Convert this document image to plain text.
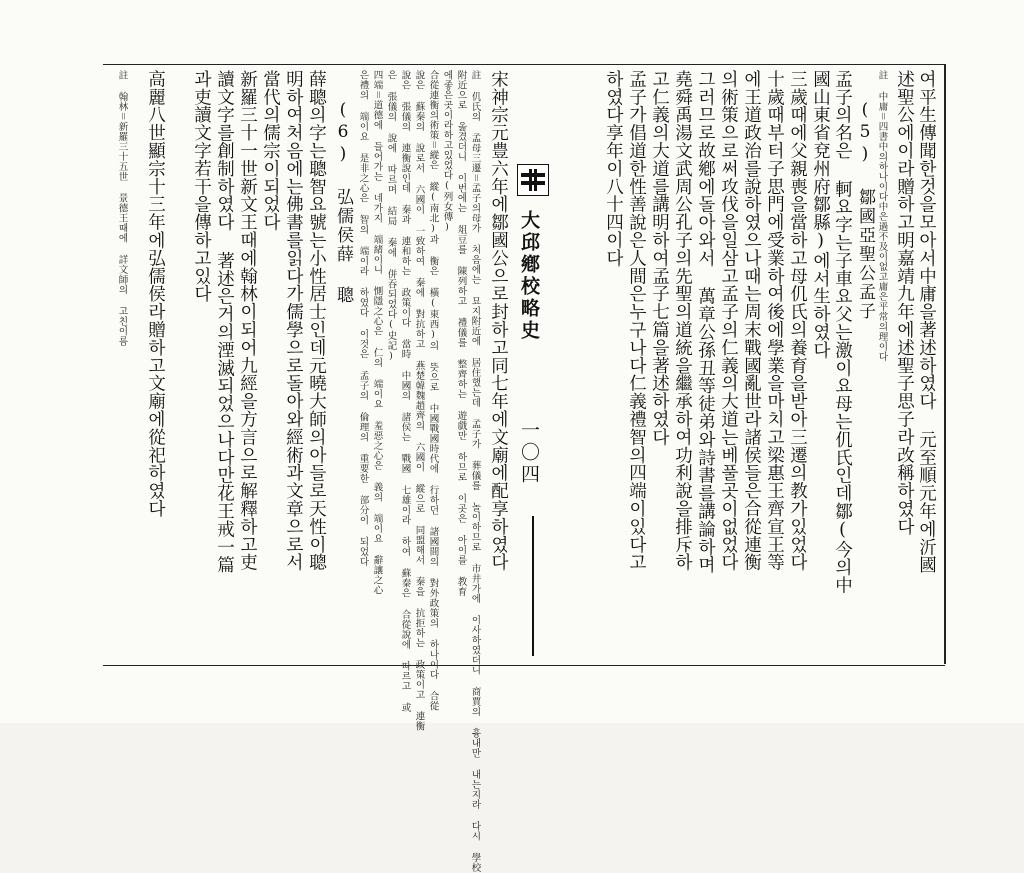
여平生傳聞한것을모아서中庸을著述하였다 元至順元年에沂國
述聖公에이라贈하고明嘉靖九年에述聖子思子라改稱하였다
註 中庸＝四書中의하나이다中은過不及이없고庸은平常의理이다
(5) 鄒國亞聖公孟子
孟子의名은 軻요字는子車요父는激이요母는仉氏인데鄒(今의中
國山東省兗州府鄒縣)에서生하였다
三歲때에父親喪을當하고母仉氏의養育을받아三遷의教가있었다
十歲때부터子思門에受業하여後에學業을마치고梁惠王齊宣王等
에王道政治를說하였으나때는周末戰國亂世라諸侯들은合從連衡
의術策으로써攻伐을일삼고孟子의仁義의大道는베풀곳이없었다
그러므로故鄕에돌아와서 萬章公孫丑等徒弟와詩書를講論하며
堯舜禹湯文武周公孔子의先聖의道統을繼承하여功利說을排斥하
고仁義의大道를講明하여孟子七篇을著述하였다
孟子가倡道한性善說은人間은누구나다仁義禮智의四端이있다고
하였다享年이八十四이다
大邱鄕校略史
一〇四
宋神宗元豊六年에鄒國公으로封하고同七年에文廟에配享하였다
註 仉氏의 孟母三遷＝孟子의母가 처음에는 묘지附近에 居住했는데 孟子가 葬儀를 놀이하므로 市井가에 이사하였더니 商賈의 흉내만 내는지라 다시 學校
附近으로 옮겼더니 이번에는 俎豆를 陳列하고 禮儀를 整齊하는 遊戲만 하므로 이곳은 아이를 教育
에좋은곳이라하고있었다(列女傳)
合從連衡의術策＝縱은 縱(南北)과 衡은 橫(東西)의 뜻으로 中國戰國時代에 行하던 諸國間의 對外政策의 하나이다 合從
說은 蘇秦의 說로서 六國이 一致하여 秦에 對抗하고 燕楚韓魏趙齊의 六國이 縱으로 同盟해서 秦을 抗拒하는 政策이고 連衡
說은 張儀의 連衡說인데 秦과 連和하는 政策이다 當時 中國의 諸侯는 戰國 七雄이라 하여 蘇秦은 合從說에 따르고 或
은 張儀의 說에 따르며 結局 秦에 併吞되었다(史記)
四端＝道德에 들어가는 네가지 端緒이니 惻隱之心은 仁의 端이요 羞惡之心은 義의 端이요 辭讓之心
은禮의 端이요 是非之心은 智의 端이라 하였다 이것은 孟子의 倫理의 重要한 部分이 되었다
(6) 弘儒侯薛 聰
薛聰의字는聰智요號는小性居士인데元曉大師의아들로天性이聰
明하여처음에는佛書를읽다가儒學으로돌아와經術과文章으로서
當代의儒宗이되었다
新羅三十一世新文王때에翰林이되어九經을方言으로解釋하고吏
讀文字를創制하였다 著述은거의湮滅되었으나다만花王戒一篇
과吏讀文字若干을傳하고있다
高麗八世顯宗十三年에弘儒侯라贈하고文廟에從祀하였다
註 翰林＝新羅三十五世 景德王때에 詳文師의 고친이름
